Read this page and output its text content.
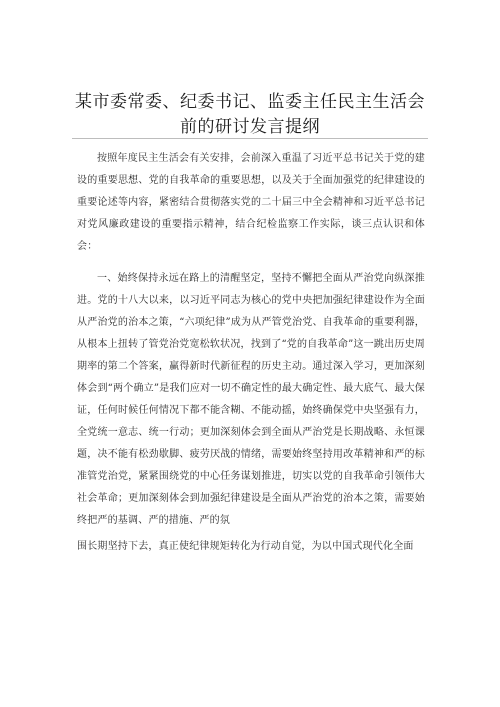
某市委常委、纪委书记、监委主任民主生活会
前的研讨发言提纲

按照年度民主生活会有关安排，会前深入重温了习近平总书记关于党的建设的重要思想、党的自我革命的重要思想，以及关于全面加强党的纪律建设的重要论述等内容，紧密结合贯彻落实党的二十届三中全会精神和习近平总书记对党风廉政建设的重要指示精神，结合纪检监察工作实际，谈三点认识和体会：

一、始终保持永远在路上的清醒坚定，坚持不懈把全面从严治党向纵深推进。党的十八大以来，以习近平同志为核心的党中央把加强纪律建设作为全面从严治党的治本之策，“六项纪律”成为从严管党治党、自我革命的重要利器，从根本上扭转了管党治党宽松软状况，找到了“党的自我革命”这一跳出历史周期率的第二个答案，赢得新时代新征程的历史主动。通过深入学习，更加深刻体会到“两个确立”是我们应对一切不确定性的最大确定性、最大底气、最大保证，任何时候任何情况下都不能含糊、不能动摇，始终确保党中央坚强有力，全党统一意志、统一行动；更加深刻体会到全面从严治党是长期战略、永恒课题，决不能有松劲歇脚、疲劳厌战的情绪，需要始终坚持用改革精神和严的标准管党治党，紧紧围绕党的中心任务谋划推进，切实以党的自我革命引领伟大社会革命；更加深刻体会到加强纪律建设是全面从严治党的治本之策，需要始终把严的基调、严的措施、严的氛

围长期坚持下去，真正使纪律规矩转化为行动自觉，为以中国式现代化全面
